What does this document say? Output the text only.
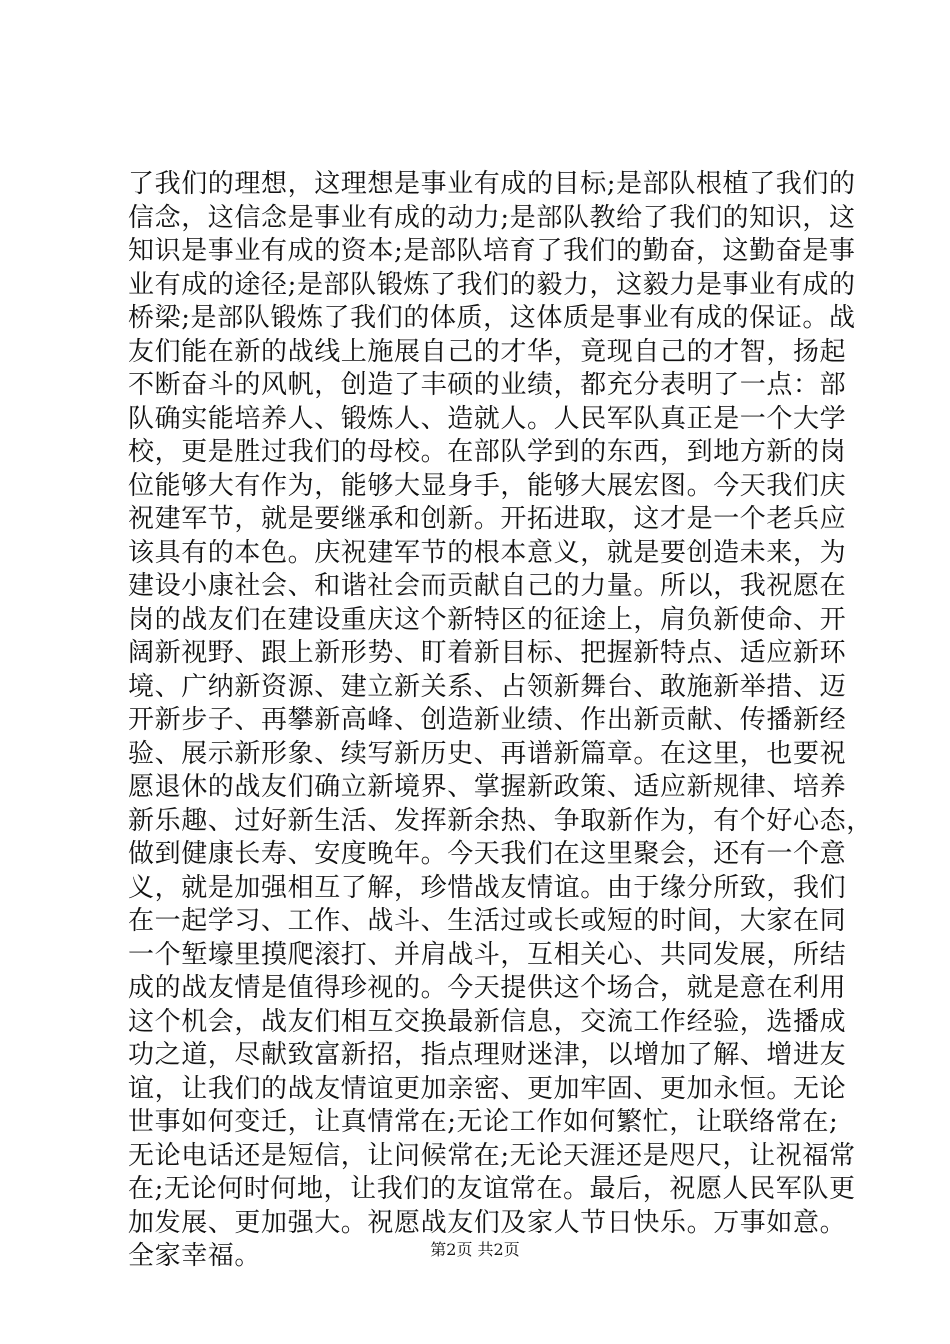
了我们的理想，这理想是事业有成的目标;是部队根植了我们的
信念，这信念是事业有成的动力;是部队教给了我们的知识，这
知识是事业有成的资本;是部队培育了我们的勤奋，这勤奋是事
业有成的途径;是部队锻炼了我们的毅力，这毅力是事业有成的
桥梁;是部队锻炼了我们的体质，这体质是事业有成的保证。战
友们能在新的战线上施展自己的才华，竟现自己的才智，扬起
不断奋斗的风帆，创造了丰硕的业绩，都充分表明了一点：部
队确实能培养人、锻炼人、造就人。人民军队真正是一个大学
校，更是胜过我们的母校。在部队学到的东西，到地方新的岗
位能够大有作为，能够大显身手，能够大展宏图。今天我们庆
祝建军节，就是要继承和创新。开拓进取，这才是一个老兵应
该具有的本色。庆祝建军节的根本意义，就是要创造未来，为
建设小康社会、和谐社会而贡献自己的力量。所以，我祝愿在
岗的战友们在建设重庆这个新特区的征途上，肩负新使命、开
阔新视野、跟上新形势、盯着新目标、把握新特点、适应新环
境、广纳新资源、建立新关系、占领新舞台、敢施新举措、迈
开新步子、再攀新高峰、创造新业绩、作出新贡献、传播新经
验、展示新形象、续写新历史、再谱新篇章。在这里，也要祝
愿退休的战友们确立新境界、掌握新政策、适应新规律、培养
新乐趣、过好新生活、发挥新余热、争取新作为，有个好心态，
做到健康长寿、安度晚年。今天我们在这里聚会，还有一个意
义，就是加强相互了解，珍惜战友情谊。由于缘分所致，我们
在一起学习、工作、战斗、生活过或长或短的时间，大家在同
一个堑壕里摸爬滚打、并肩战斗，互相关心、共同发展，所结
成的战友情是值得珍视的。今天提供这个场合，就是意在利用
这个机会，战友们相互交换最新信息，交流工作经验，选播成
功之道，尽献致富新招，指点理财迷津，以增加了解、增进友
谊，让我们的战友情谊更加亲密、更加牢固、更加永恒。无论
世事如何变迁，让真情常在;无论工作如何繁忙，让联络常在;
无论电话还是短信，让问候常在;无论天涯还是咫尺，让祝福常
在;无论何时何地，让我们的友谊常在。最后，祝愿人民军队更
加发展、更加强大。祝愿战友们及家人节日快乐。万事如意。
全家幸福。	第2页 共2页
